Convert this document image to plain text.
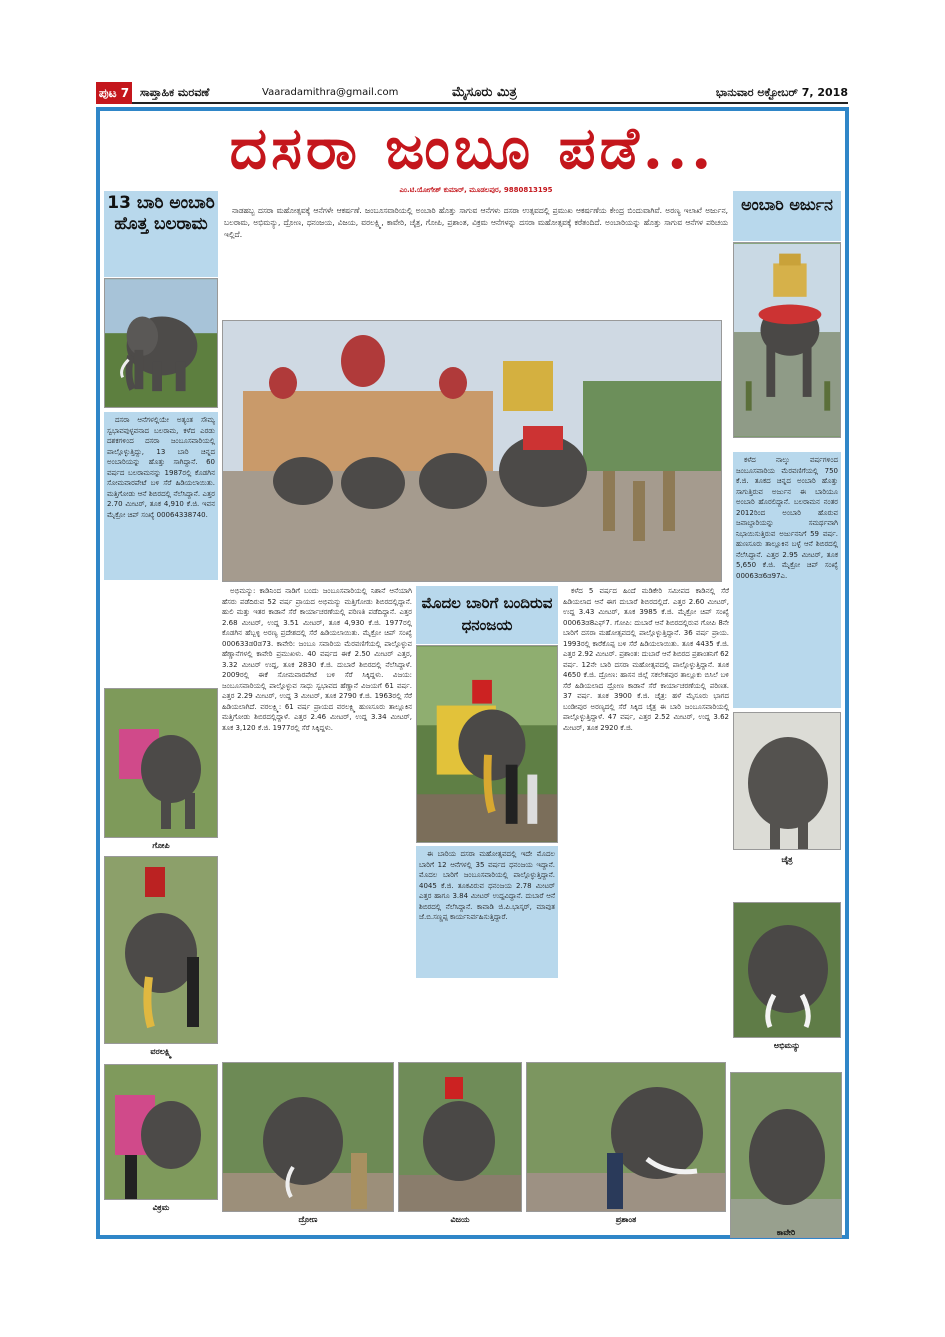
ಪುಟ 7 ಸಾಪ್ತಾಹಿಕ ಮರವಣೆ	Vaaradamithra@gmail.com	ಮೈಸೂರು ಮಿತ್ರ	ಭಾನುವಾರ ಅಕ್ಟೋಬರ್ 7, 2018
ದಸರಾ ಜಂಬೂ ಪಡೆ...
ಎಂ.ಟಿ.ಯೋಗೇಶ್ ಕುಮಾರ್, ಮೂಡಲಪುರ, 9880813195

ನಾಡಹಬ್ಬ ದಸರಾ ಮಹೋತ್ಸವಕ್ಕೆ ಆನೆಗಳೇ ಆಕರ್ಷಣೆ. ಜಂಬೂಸವಾರಿಯಲ್ಲಿ ಅಂಬಾರಿ ಹೊತ್ತು ಸಾಗುವ ಆನೆಗಳು ದಸರಾ ಉತ್ಸವದಲ್ಲಿ ಪ್ರಮುಖ ಆಕರ್ಷಣೆಯ ಕೇಂದ್ರ ಬಿಂದುವಾಗಿವೆ. ಅರಣ್ಯ ಇಲಾಖೆ ಅರ್ಜುನ, ಬಲರಾಮ, ಅಭಿಮನ್ಯು, ದ್ರೋಣ, ಧನಂಜಯ, ವಿಜಯ, ವರಲಕ್ಷ್ಮಿ, ಕಾವೇರಿ, ಚೈತ್ರ, ಗೋಪಿ, ಪ್ರಶಾಂತ, ವಿಕ್ರಮ ಆನೆಗಳನ್ನು ದಸರಾ ಮಹೋತ್ಸವಕ್ಕೆ ಕರೆತಂದಿದೆ. ಅಂಬಾರಿಯನ್ನು ಹೊತ್ತು ಸಾಗುವ ಆನೆಗಳ ಪರಿಚಯ ಇಲ್ಲಿದೆ.

13 ಬಾರಿ ಅಂಬಾರಿ ಹೊತ್ತ ಬಲರಾಮ

ದಸರಾ ಆನೆಗಳಲ್ಲಿಯೇ ಅತ್ಯಂತ ಸೌಮ್ಯ ಸ್ವಭಾವವುಳ್ಳವನಾದ ಬಲರಾಮ, ಕಳೆದ ಎರಡು ದಶಕಗಳಿಂದ ದಸರಾ ಜಂಬೂಸವಾರಿಯಲ್ಲಿ ಪಾಲ್ಗೊಳ್ಳುತ್ತಿದ್ದು, 13 ಬಾರಿ ಚಿನ್ನದ ಅಂಬಾರಿಯನ್ನು ಹೊತ್ತು ಸಾಗಿದ್ದಾನೆ. 60 ವರ್ಷದ ಬಲರಾಮನನ್ನು 1987ರಲ್ಲಿ ಕೊಡಗಿನ ಸೋಮವಾರಪೇಟೆ ಬಳಿ ಸೆರೆ ಹಿಡಿಯಲಾಯಿತು. ಮತ್ತಿಗೋಡು ಆನೆ ಶಿಬಿರದಲ್ಲಿ ನೆಲೆಸಿದ್ದಾನೆ. ಎತ್ತರ 2.70 ಮೀಟರ್, ತೂಕ 4,910 ಕೆ.ಜಿ. ಇವನ ಮೈಕ್ರೋ ಚಿಪ್ ಸಂಖ್ಯೆ 00064338740.

ಅಂಬಾರಿ ಅರ್ಜುನ

ಕಳೆದ ನಾಲ್ಕು ವರ್ಷಗಳಿಂದ ಜಂಬೂಸವಾರಿಯ ಮೆರವಣಿಗೆಯಲ್ಲಿ 750 ಕೆ.ಜಿ. ತೂಕದ ಚಿನ್ನದ ಅಂಬಾರಿ ಹೊತ್ತು ಸಾಗುತ್ತಿರುವ ಅರ್ಜುನ ಈ ಬಾರಿಯೂ ಅಂಬಾರಿ ಹೊರಲಿದ್ದಾನೆ. ಬಲರಾಮನ ನಂತರ 2012ರಿಂದ ಅಂಬಾರಿ ಹೊರುವ ಜವಾಬ್ದಾರಿಯನ್ನು ಸಮರ್ಥವಾಗಿ ನಿಭಾಯಿಸುತ್ತಿರುವ ಅರ್ಜುನನಿಗೆ 59 ವರ್ಷ. ಹುಣಸೂರು ತಾಲ್ಲೂಕಿನ ಬಳ್ಳೆ ಆನೆ ಶಿಬಿರದಲ್ಲಿ ನೆಲೆಸಿದ್ದಾನೆ. ಎತ್ತರ 2.95 ಮೀಟರ್, ತೂಕ 5,650 ಕೆ.ಜಿ. ಮೈಕ್ರೋ ಚಿಪ್ ಸಂಖ್ಯೆ 00063ಡ6ಡ97ಎ.

ಅಭಿಮನ್ಯು: ಕಾಡಿನಿಂದ ನಾಡಿಗೆ ಬಂದು ಜಂಬೂಸವಾರಿಯಲ್ಲಿ ನಿಶಾನೆ ಆನೆಯಾಗಿ ಹೆಸರು ಪಡೆದಿರುವ 52 ವರ್ಷ ಪ್ರಾಯದ ಅಭಿಮನ್ಯು ಮತ್ತಿಗೋಡು ಶಿಬಿರದಲ್ಲಿದ್ದಾನೆ. ಹುಲಿ ಮತ್ತು ಇತರ ಕಾಡಾನೆ ಸೆರೆ ಕಾರ್ಯಾಚರಣೆಯಲ್ಲಿ ಪರಿಣತಿ ಪಡೆದಿದ್ದಾನೆ. ಎತ್ತರ 2.68 ಮೀಟರ್, ಉದ್ದ 3.51 ಮೀಟರ್, ತೂಕ 4,930 ಕೆ.ಜಿ. 1977ರಲ್ಲಿ ಕೊಡಗಿನ ಹೆಬ್ಬಳ್ಳಿ ಅರಣ್ಯ ಪ್ರದೇಶದಲ್ಲಿ ಸೆರೆ ಹಿಡಿಯಲಾಯಿತು. ಮೈಕ್ರೋ ಚಿಪ್ ಸಂಖ್ಯೆ 000633ಡ0ಡ73. ಕಾವೇರಿ: ಜಂಬೂ ಸವಾರಿಯ ಮೆರವಣಿಗೆಯಲ್ಲಿ ಪಾಲ್ಗೊಳ್ಳುವ ಹೆಣ್ಣಾನೆಗಳಲ್ಲಿ ಕಾವೇರಿ ಪ್ರಮುಖಳು. 40 ವರ್ಷದ ಈಕೆ 2.50 ಮೀಟರ್ ಎತ್ತರ, 3.32 ಮೀಟರ್ ಉದ್ದ, ತೂಕ 2830 ಕೆ.ಜಿ. ದುಬಾರೆ ಶಿಬಿರದಲ್ಲಿ ನೆಲೆಸಿದ್ದಾಳೆ. 2009ರಲ್ಲಿ ಈಕೆ ಸೋಮವಾರಪೇಟೆ ಬಳಿ ಸೆರೆ ಸಿಕ್ಕಿದ್ದಳು. ವಿಜಯ: ಜಂಬೂಸವಾರಿಯಲ್ಲಿ ಪಾಲ್ಗೊಳ್ಳುವ ಸಾಧು ಸ್ವಭಾವದ ಹೆಣ್ಣಾನೆ ವಿಜಯಗೆ 61 ವರ್ಷ. ಎತ್ತರ 2.29 ಮೀಟರ್, ಉದ್ದ 3 ಮೀಟರ್, ತೂಕ 2790 ಕೆ.ಜಿ. 1963ರಲ್ಲಿ ಸೆರೆ ಹಿಡಿಯಲಾಗಿದೆ. ವರಲಕ್ಷ್ಮಿ: 61 ವರ್ಷ ಪ್ರಾಯದ ವರಲಕ್ಷ್ಮಿ ಹುಣಸೂರು ತಾಲ್ಲೂಕಿನ ಮತ್ತಿಗೋಡು ಶಿಬಿರದಲ್ಲಿದ್ದಾಳೆ. ಎತ್ತರ 2.46 ಮೀಟರ್, ಉದ್ದ 3.34 ಮೀಟರ್, ತೂಕ 3,120 ಕೆ.ಜಿ. 1977ರಲ್ಲಿ ಸೆರೆ ಸಿಕ್ಕಿದ್ದಳು.

ಮೊದಲ ಬಾರಿಗೆ ಬಂದಿರುವ ಧನಂಜಯ

ಈ ಬಾರಿಯ ದಸರಾ ಮಹೋತ್ಸವದಲ್ಲಿ ಇದೇ ಮೊದಲ ಬಾರಿಗೆ 12 ಆನೆಗಳಲ್ಲಿ 35 ವರ್ಷದ ಧನಂಜಯ ಇದ್ದಾನೆ. ಮೊದಲ ಬಾರಿಗೆ ಜಂಬೂಸವಾರಿಯಲ್ಲಿ ಪಾಲ್ಗೊಳ್ಳುತ್ತಿದ್ದಾನೆ. 4045 ಕೆ.ಜಿ. ತೂಕವಿರುವ ಧನಂಜಯ 2.78 ಮೀಟರ್ ಎತ್ತರ ಹಾಗೂ 3.84 ಮೀಟರ್ ಉದ್ದವಿದ್ದಾನೆ. ದುಬಾರೆ ಆನೆ ಶಿಬಿರದಲ್ಲಿ ನೆಲೆಸಿದ್ದಾನೆ. ಕಾವಾಡಿ ಜಿ.ಪಿ.ಭಾಸ್ಕರ್, ಮಾವುತ ಜೆ.ಬಿ.ಸಣ್ಣಪ್ಪ ಕಾರ್ಯನಿರ್ವಹಿಸುತ್ತಿದ್ದಾರೆ.

ಕಳೆದ 5 ವರ್ಷದ ಹಿಂದೆ ಮಡಿಕೇರಿ ಸಮೀಪದ ಕಾಡಿನಲ್ಲಿ ಸೆರೆ ಹಿಡಿಯಲಾದ ಆನೆ ಈಗ ದುಬಾರೆ ಶಿಬಿರದಲ್ಲಿದೆ. ಎತ್ತರ 2.60 ಮೀಟರ್, ಉದ್ದ 3.43 ಮೀಟರ್, ತೂಕ 3985 ಕೆ.ಜಿ. ಮೈಕ್ರೋ ಚಿಪ್ ಸಂಖ್ಯೆ 00063ಡ8ಎಫ್7. ಗೋಪಿ: ದುಬಾರೆ ಆನೆ ಶಿಬಿರದಲ್ಲಿರುವ ಗೋಪಿ 8ನೇ ಬಾರಿಗೆ ದಸರಾ ಮಹೋತ್ಸವದಲ್ಲಿ ಪಾಲ್ಗೊಳ್ಳುತ್ತಿದ್ದಾನೆ. 36 ವರ್ಷ ಪ್ರಾಯ. 1993ರಲ್ಲಿ ಕಾರೆಕೊಪ್ಪ ಬಳಿ ಸೆರೆ ಹಿಡಿಯಲಾಯಿತು. ತೂಕ 4435 ಕೆ.ಜಿ. ಎತ್ತರ 2.92 ಮೀಟರ್. ಪ್ರಶಾಂತ: ದುಬಾರೆ ಆನೆ ಶಿಬಿರದ ಪ್ರಶಾಂತನಿಗೆ 62 ವರ್ಷ. 12ನೇ ಬಾರಿ ದಸರಾ ಮಹೋತ್ಸವದಲ್ಲಿ ಪಾಲ್ಗೊಳ್ಳುತ್ತಿದ್ದಾನೆ. ತೂಕ 4650 ಕೆ.ಜಿ. ದ್ರೋಣ: ಹಾಸನ ಜಿಲ್ಲೆ ಸಕಲೇಶಪುರ ತಾಲ್ಲೂಕು ಬಿಸಿಲೆ ಬಳಿ ಸೆರೆ ಹಿಡಿಯಲಾದ ದ್ರೋಣ ಕಾಡಾನೆ ಸೆರೆ ಕಾರ್ಯಾಚರಣೆಯಲ್ಲಿ ಪರಿಣತ. 37 ವರ್ಷ. ತೂಕ 3900 ಕೆ.ಜಿ. ಚೈತ್ರ: ಹಳೆ ಮೈಸೂರು ಭಾಗದ ಬಂಡೀಪುರ ಅರಣ್ಯದಲ್ಲಿ ಸೆರೆ ಸಿಕ್ಕಿದ ಚೈತ್ರ ಈ ಬಾರಿ ಜಂಬೂಸವಾರಿಯಲ್ಲಿ ಪಾಲ್ಗೊಳ್ಳುತ್ತಿದ್ದಾಳೆ. 47 ವರ್ಷ, ಎತ್ತರ 2.52 ಮೀಟರ್, ಉದ್ದ 3.62 ಮೀಟರ್, ತೂಕ 2920 ಕೆ.ಜಿ.

ಗೋಪಿ
ವರಲಕ್ಷ್ಮಿ
ವಿಕ್ರಮ
ದ್ರೋಣ	ವಿಜಯ	ಪ್ರಶಾಂತ
ಕಾವೇರಿ
ಚೈತ್ರ
ಅಭಿಮನ್ಯು
